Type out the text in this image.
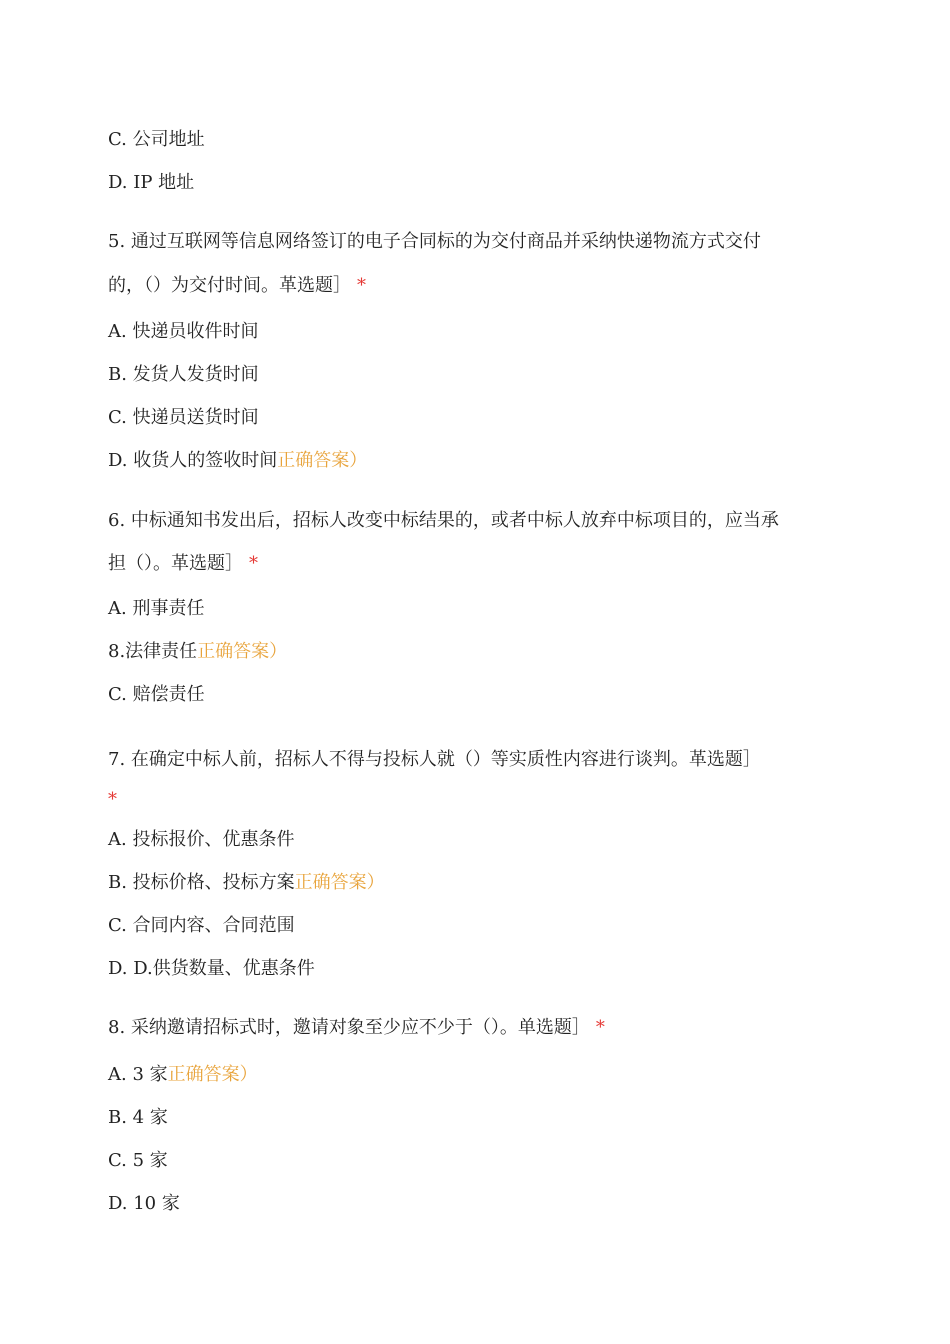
C. 公司地址
D. IP 地址
5. 通过互联网等信息网络签订的电子合同标的为交付商品并采纳快递物流方式交付
的，（）为交付时间。革选题］ *
A. 快递员收件时间
B. 发货人发货时间
C. 快递员送货时间
D. 收货人的签收时间正确答案）
6. 中标通知书发出后，招标人改变中标结果的，或者中标人放弃中标项目的，应当承
担（）。革选题］ *
A. 刑事责任
8.法律责任正确答案）
C. 赔偿责任
7. 在确定中标人前，招标人不得与投标人就（）等实质性内容进行谈判。革选题］
*
A. 投标报价、优惠条件
B. 投标价格、投标方案正确答案）
C. 合同内容、合同范围
D. D.供货数量、优惠条件
8. 采纳邀请招标式时，邀请对象至少应不少于（）。单选题］ *
A. 3 家正确答案）
B. 4 家
C. 5 家
D. 10 家
